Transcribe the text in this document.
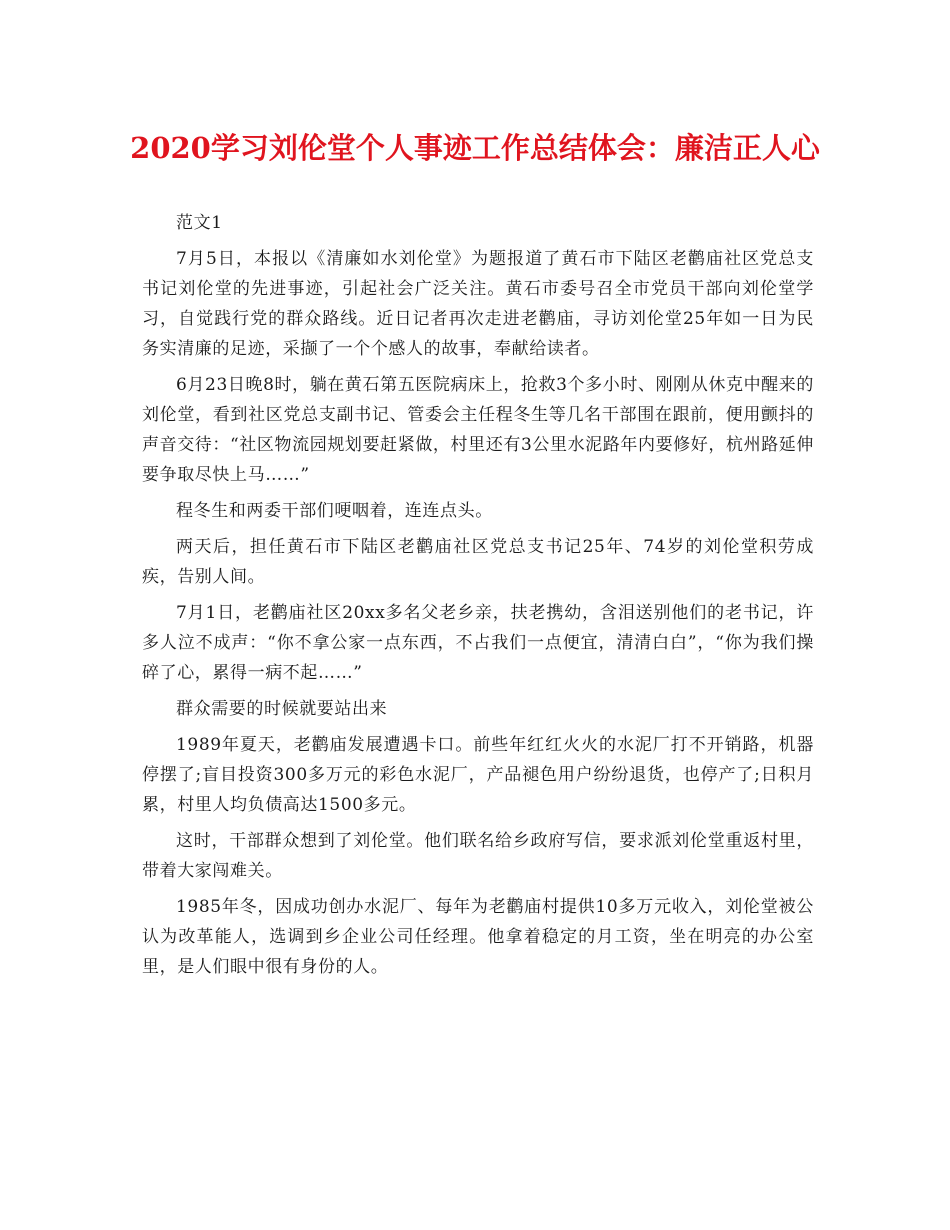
2020学习刘伦堂个人事迹工作总结体会：廉洁正人心

范文1

7月5日，本报以《清廉如水刘伦堂》为题报道了黄石市下陆区老鹳庙社区党总支书记刘伦堂的先进事迹，引起社会广泛关注。黄石市委号召全市党员干部向刘伦堂学习，自觉践行党的群众路线。近日记者再次走进老鹳庙，寻访刘伦堂25年如一日为民务实清廉的足迹，采撷了一个个感人的故事，奉献给读者。

6月23日晚8时，躺在黄石第五医院病床上，抢救3个多小时、刚刚从休克中醒来的刘伦堂，看到社区党总支副书记、管委会主任程冬生等几名干部围在跟前，便用颤抖的声音交待：“社区物流园规划要赶紧做，村里还有3公里水泥路年内要修好，杭州路延伸要争取尽快上马……”

程冬生和两委干部们哽咽着，连连点头。

两天后，担任黄石市下陆区老鹳庙社区党总支书记25年、74岁的刘伦堂积劳成疾，告别人间。

7月1日，老鹳庙社区20xx多名父老乡亲，扶老携幼，含泪送别他们的老书记，许多人泣不成声：“你不拿公家一点东西，不占我们一点便宜，清清白白”，“你为我们操碎了心，累得一病不起……”

群众需要的时候就要站出来

1989年夏天，老鹳庙发展遭遇卡口。前些年红红火火的水泥厂打不开销路，机器停摆了;盲目投资300多万元的彩色水泥厂，产品褪色用户纷纷退货，也停产了;日积月累，村里人均负债高达1500多元。

这时，干部群众想到了刘伦堂。他们联名给乡政府写信，要求派刘伦堂重返村里，带着大家闯难关。

1985年冬，因成功创办水泥厂、每年为老鹳庙村提供10多万元收入，刘伦堂被公认为改革能人，选调到乡企业公司任经理。他拿着稳定的月工资，坐在明亮的办公室里，是人们眼中很有身份的人。
